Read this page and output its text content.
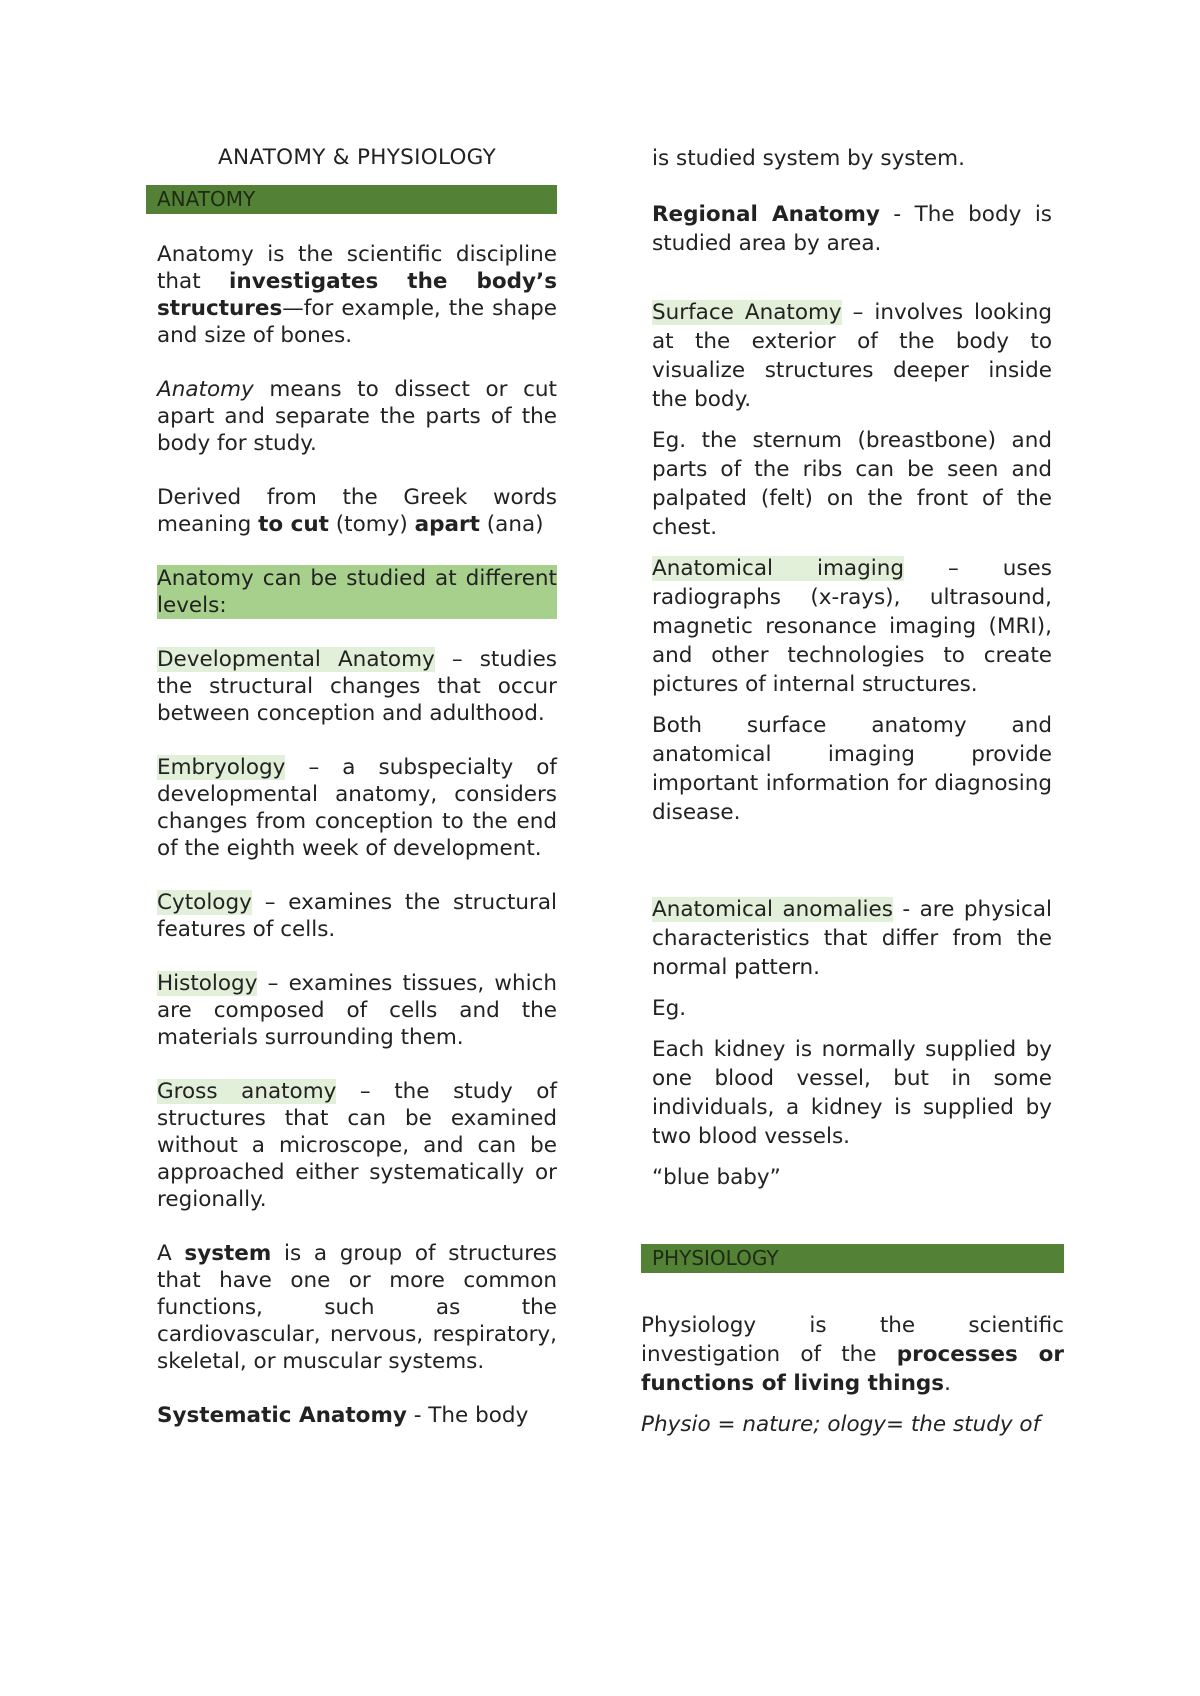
ANATOMY & PHYSIOLOGY

ANATOMY

Anatomy is the scientific discipline that investigates the body’s structures—for example, the shape and size of bones.

Anatomy means to dissect or cut apart and separate the parts of the body for study.

Derived from the Greek words meaning to cut (tomy) apart (ana)

Anatomy can be studied at different levels:

Developmental Anatomy – studies the structural changes that occur between conception and adulthood.

Embryology – a subspecialty of developmental anatomy, considers changes from conception to the end of the eighth week of development.

Cytology – examines the structural features of cells.

Histology – examines tissues, which are composed of cells and the materials surrounding them.

Gross anatomy – the study of structures that can be examined without a microscope, and can be approached either systematically or regionally.

A system is a group of structures that have one or more common functions, such as the cardiovascular, nervous, respiratory, skeletal, or muscular systems.

Systematic Anatomy - The body

is studied system by system.

Regional Anatomy - The body is studied area by area.

Surface Anatomy – involves looking at the exterior of the body to visualize structures deeper inside the body.

Eg. the sternum (breastbone) and parts of the ribs can be seen and palpated (felt) on the front of the chest.

Anatomical imaging – uses radiographs (x-rays), ultrasound, magnetic resonance imaging (MRI), and other technologies to create pictures of internal structures.

Both surface anatomy and anatomical imaging provide important information for diagnosing disease.

Anatomical anomalies - are physical characteristics that differ from the normal pattern.

Eg.

Each kidney is normally supplied by one blood vessel, but in some individuals, a kidney is supplied by two blood vessels.

“blue baby”

PHYSIOLOGY

Physiology is the scientific investigation of the processes or functions of living things.

Physio = nature; ology= the study of
